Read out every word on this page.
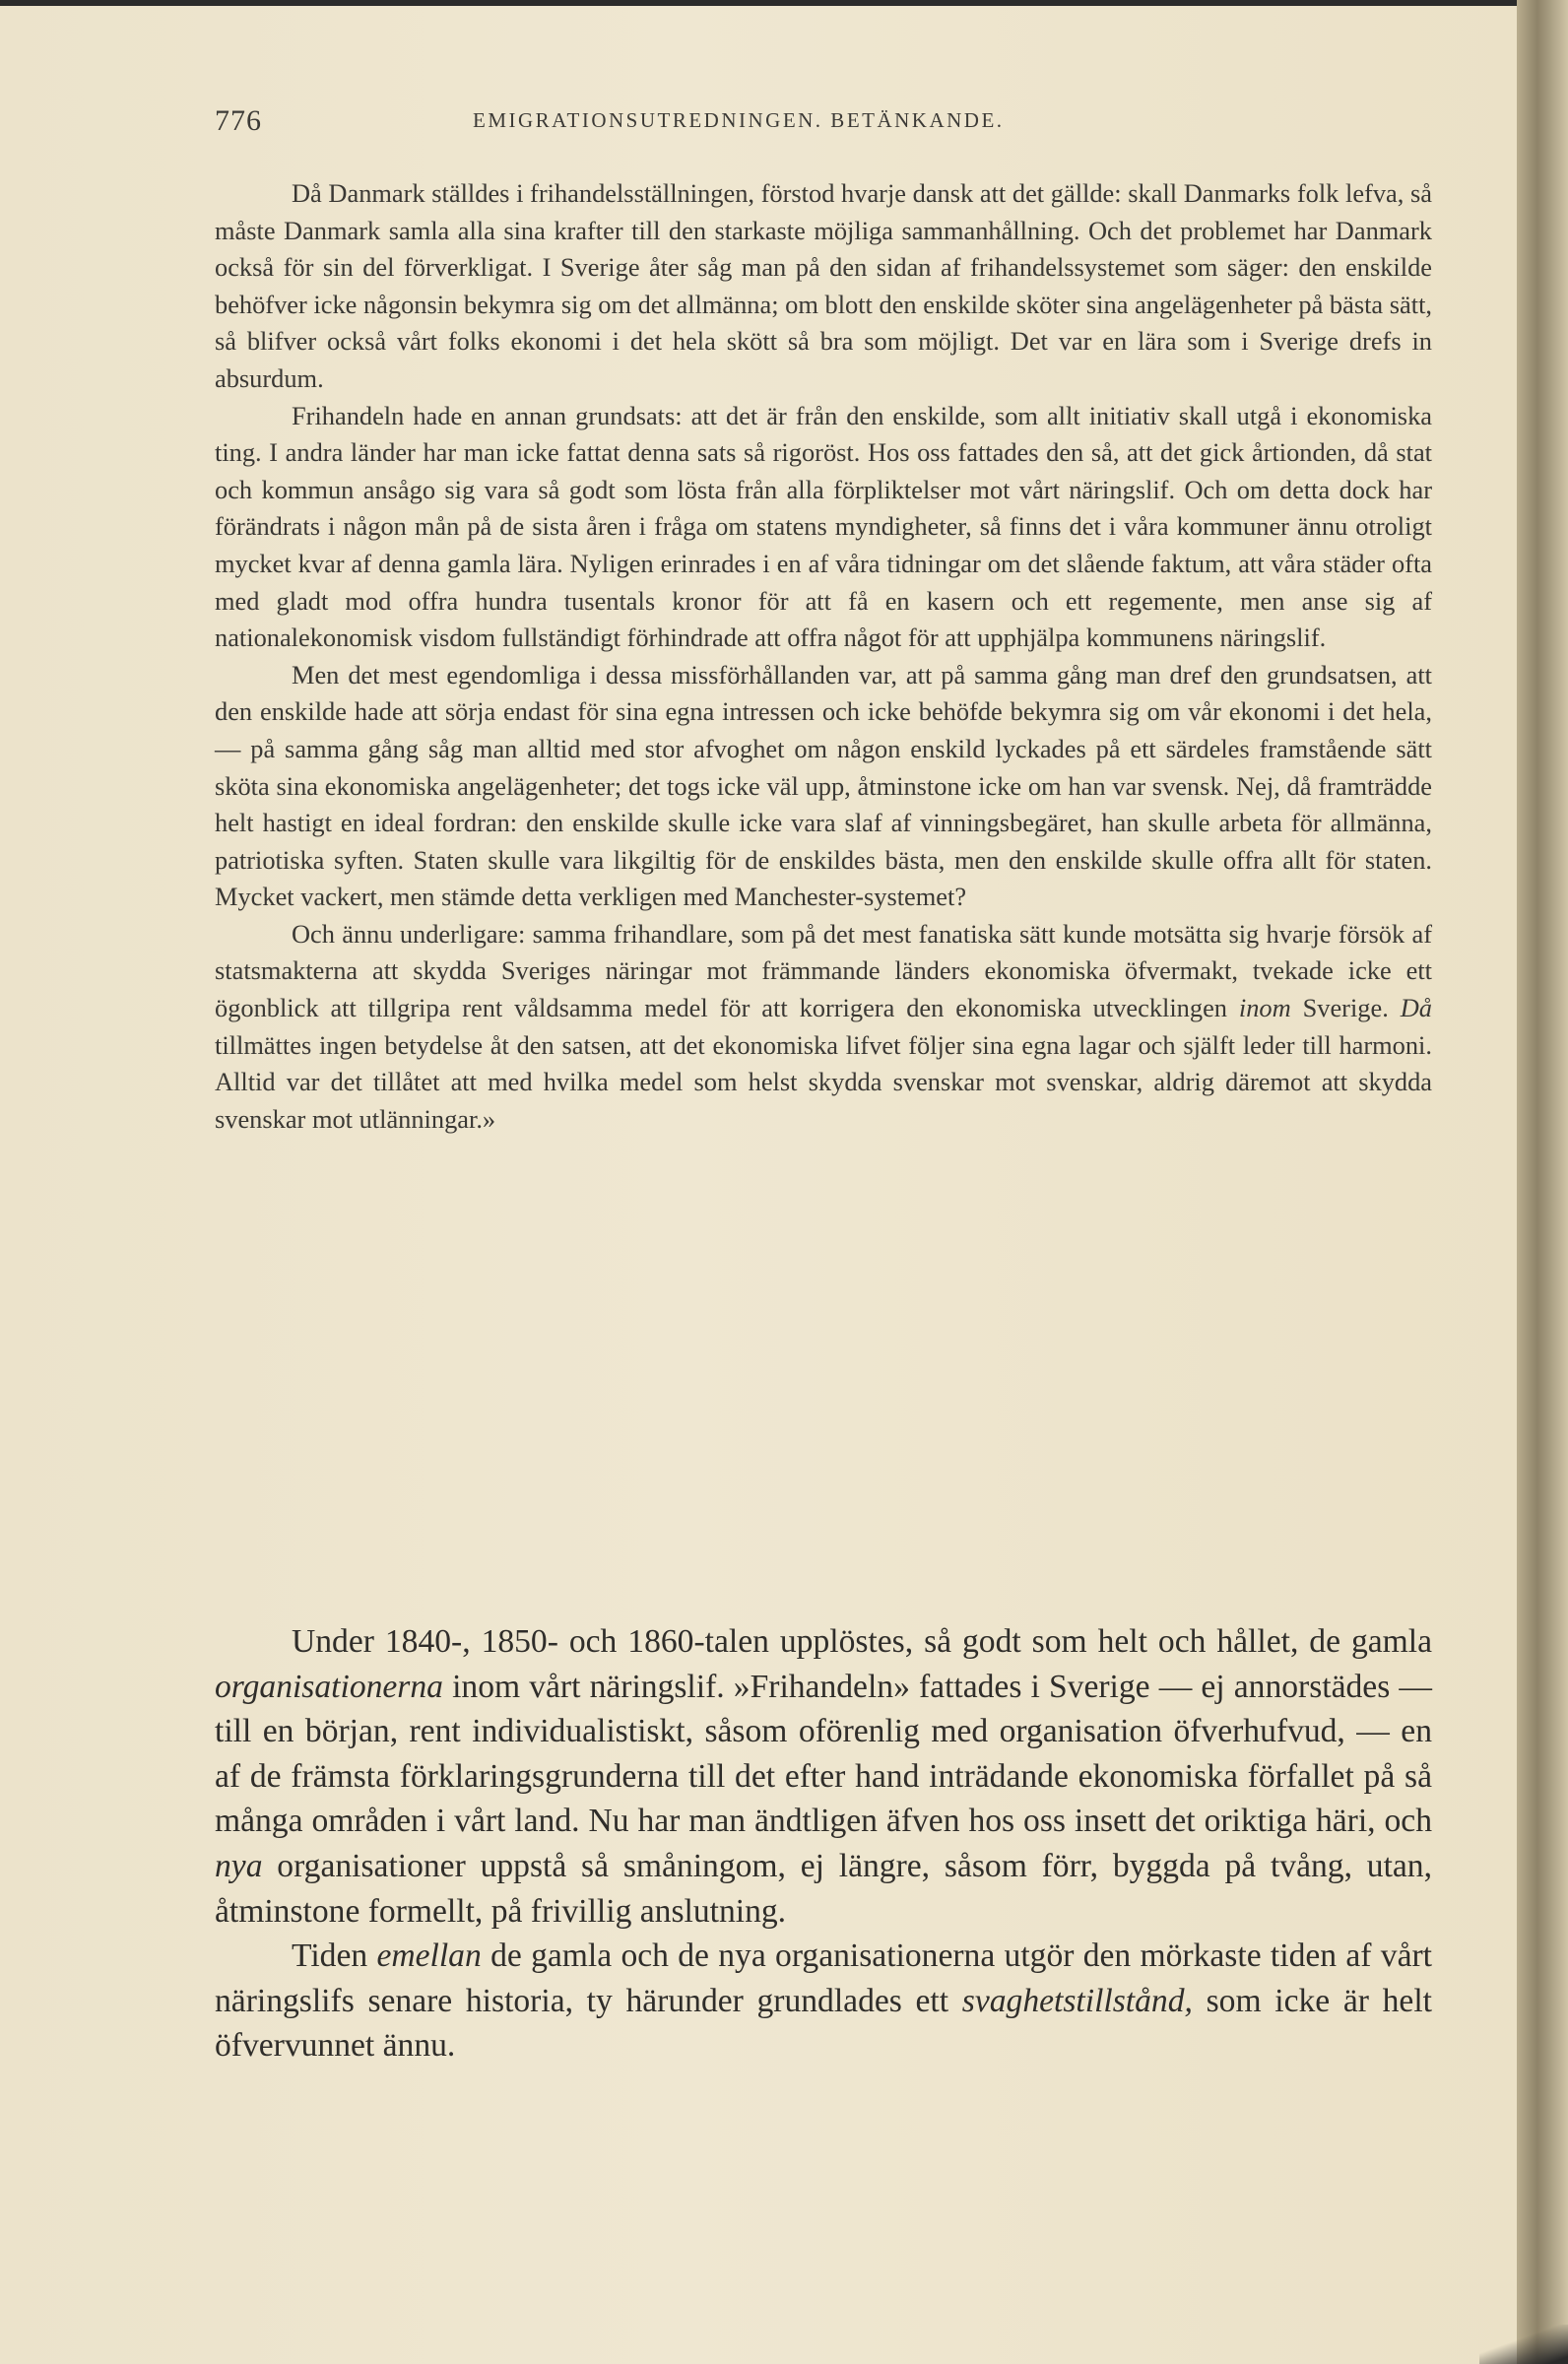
776	EMIGRATIONSUTREDNINGEN. BETÄNKANDE.

Då Danmark ställdes i frihandelsställningen, förstod hvarje dansk att det gällde: skall Danmarks folk lefva, så måste Danmark samla alla sina krafter till den starkaste möjliga sammanhållning. Och det problemet har Danmark också för sin del förverkligat. I Sverige åter såg man på den sidan af frihandelssystemet som säger: den enskilde behöfver icke någonsin bekymra sig om det allmänna; om blott den enskilde sköter sina angelägenheter på bästa sätt, så blifver också vårt folks ekonomi i det hela skött så bra som möjligt. Det var en lära som i Sverige drefs in absurdum.

Frihandeln hade en annan grundsats: att det är från den enskilde, som allt initiativ skall utgå i ekonomiska ting. I andra länder har man icke fattat denna sats så rigoröst. Hos oss fattades den så, att det gick årtionden, då stat och kommun ansågo sig vara så godt som lösta från alla förpliktelser mot vårt näringslif. Och om detta dock har förändrats i någon mån på de sista åren i fråga om statens myndigheter, så finns det i våra kommuner ännu otroligt mycket kvar af denna gamla lära. Nyligen erinrades i en af våra tidningar om det slående faktum, att våra städer ofta med gladt mod offra hundra tusentals kronor för att få en kasern och ett regemente, men anse sig af nationalekonomisk visdom fullständigt förhindrade att offra något för att upphjälpa kommunens näringslif.

Men det mest egendomliga i dessa missförhållanden var, att på samma gång man dref den grundsatsen, att den enskilde hade att sörja endast för sina egna intressen och icke behöfde bekymra sig om vår ekonomi i det hela, — på samma gång såg man alltid med stor afvoghet om någon enskild lyckades på ett särdeles framstående sätt sköta sina ekonomiska angelägenheter; det togs icke väl upp, åtminstone icke om han var svensk. Nej, då framträdde helt hastigt en ideal fordran: den enskilde skulle icke vara slaf af vinningsbegäret, han skulle arbeta för allmänna, patriotiska syften. Staten skulle vara likgiltig för de enskildes bästa, men den enskilde skulle offra allt för staten. Mycket vackert, men stämde detta verkligen med Manchester-systemet?

Och ännu underligare: samma frihandlare, som på det mest fanatiska sätt kunde motsätta sig hvarje försök af statsmakterna att skydda Sveriges näringar mot främmande länders ekonomiska öfvermakt, tvekade icke ett ögonblick att tillgripa rent våldsamma medel för att korrigera den ekonomiska utvecklingen inom Sverige. Då tillmättes ingen betydelse åt den satsen, att det ekonomiska lifvet följer sina egna lagar och själft leder till harmoni. Alltid var det tillåtet att med hvilka medel som helst skydda svenskar mot svenskar, aldrig däremot att skydda svenskar mot utlänningar.»

Under 1840-, 1850- och 1860-talen upplöstes, så godt som helt och hållet, de gamla organisationerna inom vårt näringslif. »Frihandeln» fattades i Sverige — ej annorstädes — till en början, rent individualistiskt, såsom oförenlig med organisation öfverhufvud, — en af de främsta förklaringsgrunderna till det efter hand inträdande ekonomiska förfallet på så många områden i vårt land. Nu har man ändtligen äfven hos oss insett det oriktiga häri, och nya organisationer uppstå så småningom, ej längre, såsom förr, byggda på tvång, utan, åtminstone formellt, på frivillig anslutning.

Tiden emellan de gamla och de nya organisationerna utgör den mörkaste tiden af vårt näringslifs senare historia, ty härunder grundlades ett svaghetstillstånd, som icke är helt öfvervunnet ännu.
